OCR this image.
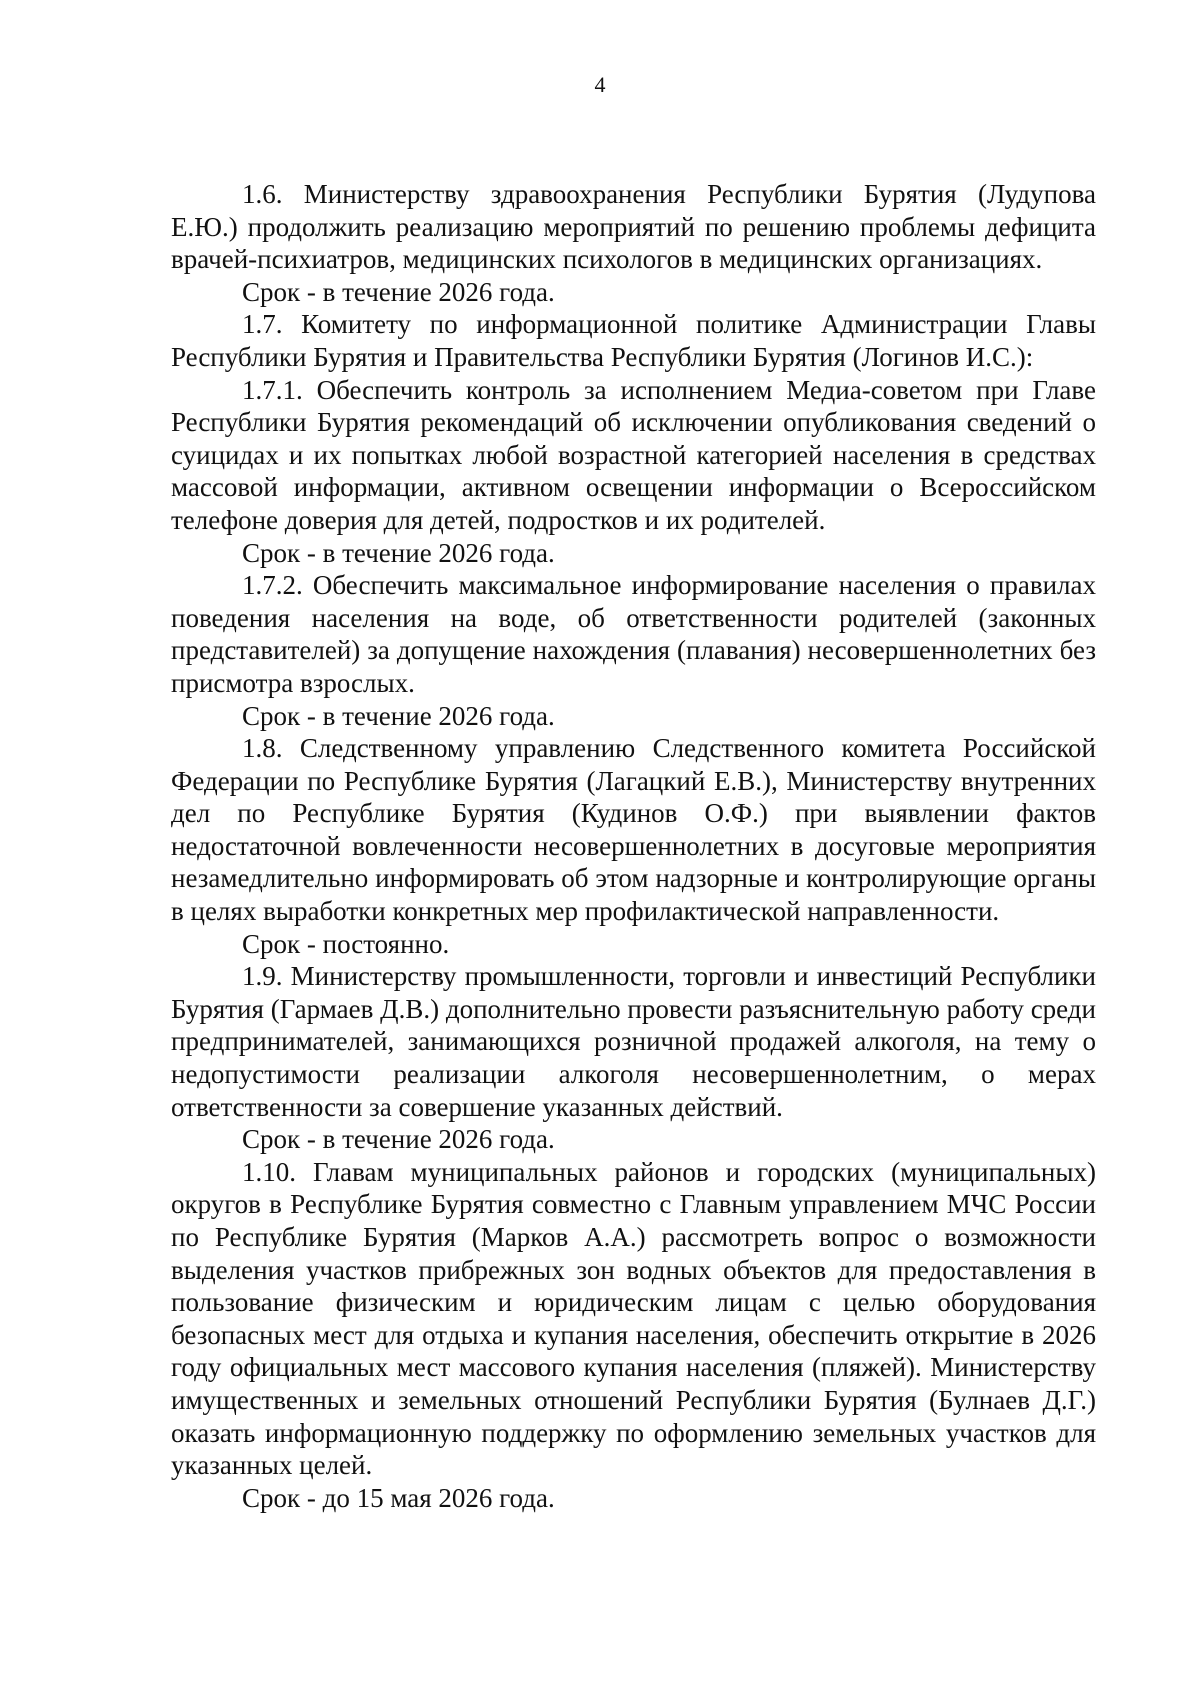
4

1.6. Министерству здравоохранения Республики Бурятия (Лудупова Е.Ю.) продолжить реализацию мероприятий по решению проблемы дефицита врачей-психиатров, медицинских психологов в медицинских организациях.

Срок - в течение 2026 года.

1.7. Комитету по информационной политике Администрации Главы Республики Бурятия и Правительства Республики Бурятия (Логинов И.С.):

1.7.1. Обеспечить контроль за исполнением Медиа-советом при Главе Республики Бурятия рекомендаций об исключении опубликования сведений о суицидах и их попытках любой возрастной категорией населения в средствах массовой информации, активном освещении информации о Всероссийском телефоне доверия для детей, подростков и их родителей.

Срок - в течение 2026 года.

1.7.2. Обеспечить максимальное информирование населения о правилах поведения населения на воде, об ответственности родителей (законных представителей) за допущение нахождения (плавания) несовершеннолетних без присмотра взрослых.

Срок - в течение 2026 года.

1.8. Следственному управлению Следственного комитета Российской Федерации по Республике Бурятия (Лагацкий Е.В.), Министерству внутренних дел по Республике Бурятия (Кудинов О.Ф.) при выявлении фактов недостаточной вовлеченности несовершеннолетних в досуговые мероприятия незамедлительно информировать об этом надзорные и контролирующие органы в целях выработки конкретных мер профилактической направленности.

Срок - постоянно.

1.9. Министерству промышленности, торговли и инвестиций Республики Бурятия (Гармаев Д.В.) дополнительно провести разъяснительную работу среди предпринимателей, занимающихся розничной продажей алкоголя, на тему о недопустимости реализации алкоголя несовершеннолетним, о мерах ответственности за совершение указанных действий.

Срок - в течение 2026 года.

1.10. Главам муниципальных районов и городских (муниципальных) округов в Республике Бурятия совместно с Главным управлением МЧС России по Республике Бурятия (Марков А.А.) рассмотреть вопрос о возможности выделения участков прибрежных зон водных объектов для предоставления в пользование физическим и юридическим лицам с целью оборудования безопасных мест для отдыха и купания населения, обеспечить открытие в 2026 году официальных мест массового купания населения (пляжей). Министерству имущественных и земельных отношений Республики Бурятия (Булнаев Д.Г.) оказать информационную поддержку по оформлению земельных участков для указанных целей.

Срок - до 15 мая 2026 года.
